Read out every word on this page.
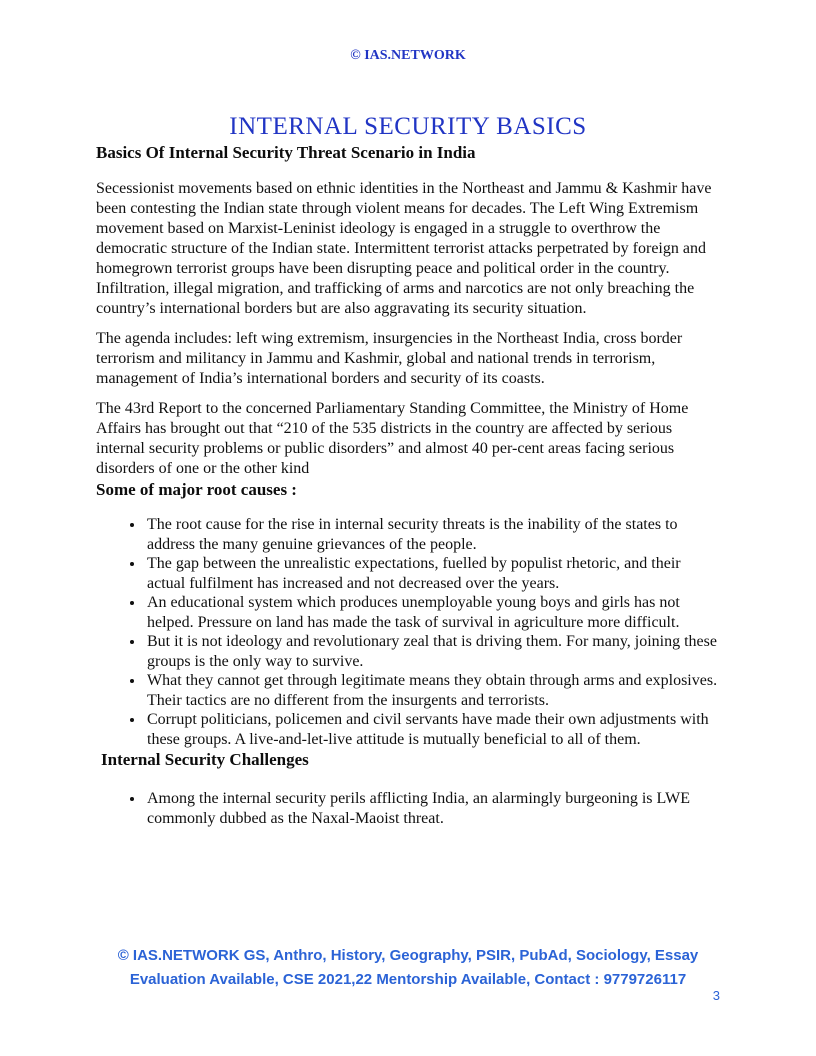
© IAS.NETWORK
INTERNAL SECURITY BASICS
Basics Of Internal Security Threat Scenario in India

Secessionist movements based on ethnic identities in the Northeast and Jammu & Kashmir have been contesting the Indian state through violent means for decades. The Left Wing Extremism movement based on Marxist-Leninist ideology is engaged in a struggle to overthrow the democratic structure of the Indian state. Intermittent terrorist attacks perpetrated by foreign and homegrown terrorist groups have been disrupting peace and political order in the country. Infiltration, illegal migration, and trafficking of arms and narcotics are not only breaching the country’s international borders but are also aggravating its security situation.

The agenda includes: left wing extremism, insurgencies in the Northeast India, cross border terrorism and militancy in Jammu and Kashmir, global and national trends in terrorism, management of India’s international borders and security of its coasts.

The 43rd Report to the concerned Parliamentary Standing Committee, the Ministry of Home Affairs has brought out that “210 of the 535 districts in the country are affected by serious internal security problems or public disorders” and almost 40 per-cent areas facing serious disorders of one or the other kind

Some of major root causes :
• The root cause for the rise in internal security threats is the inability of the states to address the many genuine grievances of the people.
• The gap between the unrealistic expectations, fuelled by populist rhetoric, and their actual fulfilment has increased and not decreased over the years.
• An educational system which produces unemployable young boys and girls has not helped. Pressure on land has made the task of survival in agriculture more difficult.
• But it is not ideology and revolutionary zeal that is driving them. For many, joining these groups is the only way to survive.
• What they cannot get through legitimate means they obtain through arms and explosives. Their tactics are no different from the insurgents and terrorists.
• Corrupt politicians, policemen and civil servants have made their own adjustments with these groups. A live-and-let-live attitude is mutually beneficial to all of them.
Internal Security Challenges
• Among the internal security perils afflicting India, an alarmingly burgeoning is LWE commonly dubbed as the Naxal-Maoist threat.
© IAS.NETWORK GS, Anthro, History, Geography, PSIR, PubAd, Sociology, Essay
Evaluation Available, CSE 2021,22 Mentorship Available, Contact : 9779726117
3
